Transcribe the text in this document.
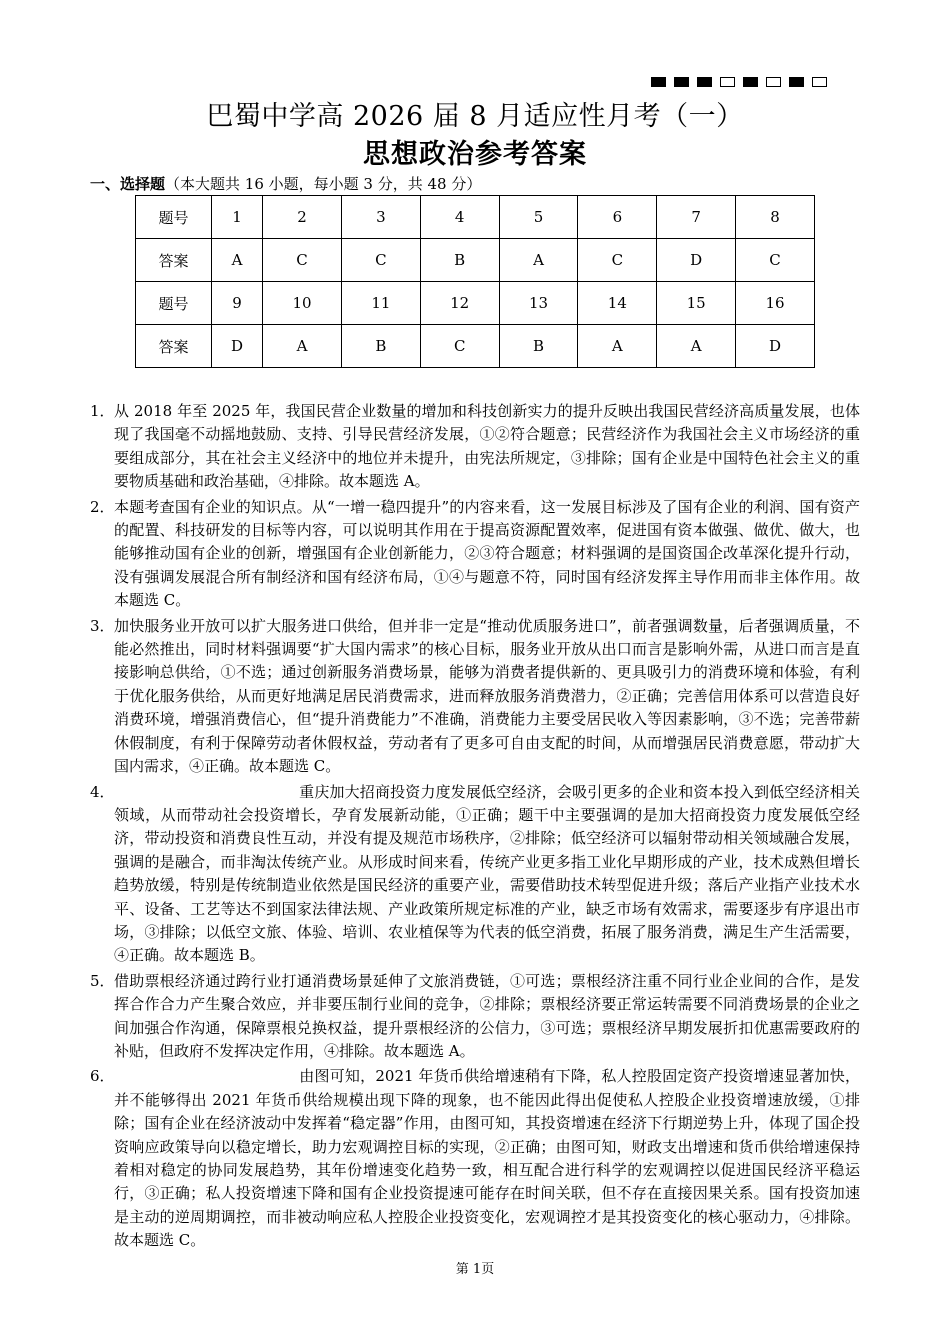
巴蜀中学高 2026 届 8 月适应性月考（一）
思想政治参考答案
一、选择题（本大题共 16 小题，每小题 3 分，共 48 分）
题号	1	2	3	4	5	6	7	8
答案	A	C	C	B	A	C	D	C
题号	9	10	11	12	13	14	15	16
答案	D	A	B	C	B	A	A	D
1． 从 2018 年至 2025 年，我国民营企业数量的增加和科技创新实力的提升反映出我国民营经济高质量发展，也体现了我国毫不动摇地鼓励、支持、引导民营经济发展，①②符合题意；民营经济作为我国社会主义市场经济的重要组成部分，其在社会主义经济中的地位并未提升，由宪法所规定，③排除；国有企业是中国特色社会主义的重要物质基础和政治基础，④排除。故本题选 A。
2． 本题考查国有企业的知识点。从“一增一稳四提升”的内容来看，这一发展目标涉及了国有企业的利润、国有资产的配置、科技研发的目标等内容，可以说明其作用在于提高资源配置效率，促进国有资本做强、做优、做大，也能够推动国有企业的创新，增强国有企业创新能力，②③符合题意；材料强调的是国资国企改革深化提升行动，没有强调发展混合所有制经济和国有经济布局，①④与题意不符，同时国有经济发挥主导作用而非主体作用。故本题选 C。
3． 加快服务业开放可以扩大服务进口供给，但并非一定是“推动优质服务进口”，前者强调数量，后者强调质量，不能必然推出，同时材料强调要“扩大国内需求”的核心目标，服务业开放从出口而言是影响外需，从进口而言是直接影响总供给，①不选；通过创新服务消费场景，能够为消费者提供新的、更具吸引力的消费环境和体验，有利于优化服务供给，从而更好地满足居民消费需求，进而释放服务消费潜力，②正确；完善信用体系可以营造良好消费环境，增强消费信心，但“提升消费能力”不准确，消费能力主要受居民收入等因素影响，③不选；完善带薪休假制度，有利于保障劳动者休假权益，劳动者有了更多可自由支配的时间，从而增强居民消费意愿，带动扩大国内需求，④正确。故本题选 C。
4．	重庆加大招商投资力度发展低空经济，会吸引更多的企业和资本投入到低空经济相关领域，从而带动社会投资增长，孕育发展新动能，①正确；题干中主要强调的是加大招商投资力度发展低空经济，带动投资和消费良性互动，并没有提及规范市场秩序，②排除；低空经济可以辐射带动相关领域融合发展，强调的是融合，而非淘汰传统产业。从形成时间来看，传统产业更多指工业化早期形成的产业，技术成熟但增长趋势放缓，特别是传统制造业依然是国民经济的重要产业，需要借助技术转型促进升级；落后产业指产业技术水平、设备、工艺等达不到国家法律法规、产业政策所规定标准的产业，缺乏市场有效需求，需要逐步有序退出市场，③排除；以低空文旅、体验、培训、农业植保等为代表的低空消费，拓展了服务消费，满足生产生活需要，④正确。故本题选 B。
5． 借助票根经济通过跨行业打通消费场景延伸了文旅消费链，①可选；票根经济注重不同行业企业间的合作，是发挥合作合力产生聚合效应，并非要压制行业间的竞争，②排除；票根经济要正常运转需要不同消费场景的企业之间加强合作沟通，保障票根兑换权益，提升票根经济的公信力，③可选；票根经济早期发展折扣优惠需要政府的补贴，但政府不发挥决定作用，④排除。故本题选 A。
6．	由图可知，2021 年货币供给增速稍有下降，私人控股固定资产投资增速显著加快，并不能够得出 2021 年货币供给规模出现下降的现象，也不能因此得出促使私人控股企业投资增速放缓，①排除；国有企业在经济波动中发挥着“稳定器”作用，由图可知，其投资增速在经济下行期逆势上升，体现了国企投资响应政策导向以稳定增长，助力宏观调控目标的实现，②正确；由图可知，财政支出增速和货币供给增速保持着相对稳定的协同发展趋势，其年份增速变化趋势一致，相互配合进行科学的宏观调控以促进国民经济平稳运行，③正确；私人投资增速下降和国有企业投资提速可能存在时间关联，但不存在直接因果关系。国有投资加速是主动的逆周期调控，而非被动响应私人控股企业投资变化，宏观调控才是其投资变化的核心驱动力，④排除。故本题选 C。
第 1页
